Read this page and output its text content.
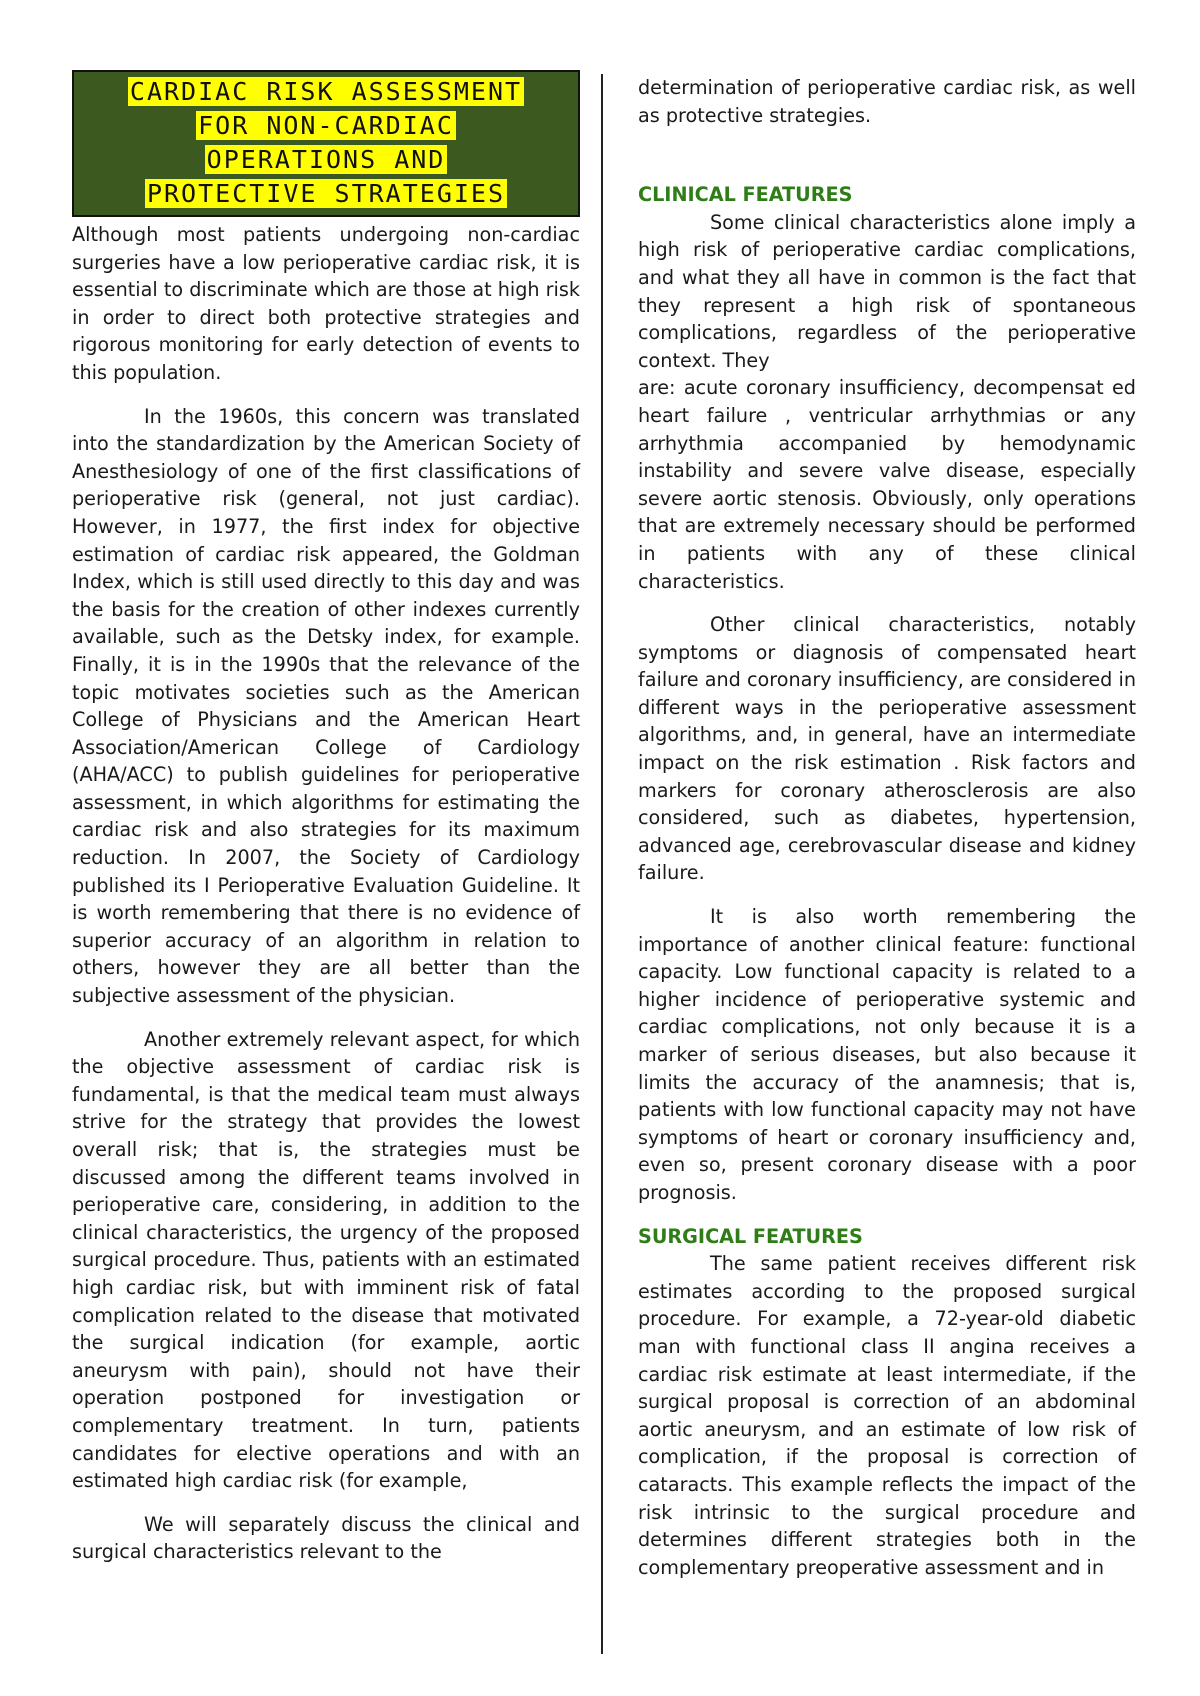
CARDIAC RISK ASSESSMENT
FOR NON-CARDIAC
OPERATIONS AND
PROTECTIVE STRATEGIES

Although most patients undergoing non-cardiac surgeries have a low perioperative cardiac risk, it is essential to discriminate which are those at high risk in order to direct both protective strategies and rigorous monitoring for early detection of events to this population.

In the 1960s, this concern was translated into the standardization by the American Society of Anesthesiology of one of the first classifications of perioperative risk (general, not just cardiac). However, in 1977, the first index for objective estimation of cardiac risk appeared, the Goldman Index, which is still used directly to this day and was the basis for the creation of other indexes currently available, such as the Detsky index, for example. Finally, it is in the 1990s that the relevance of the topic motivates societies such as the American College of Physicians and the American Heart Association/American College of Cardiology (AHA/ACC) to publish guidelines for perioperative assessment, in which algorithms for estimating the cardiac risk and also strategies for its maximum reduction. In 2007, the Society of Cardiology published its I Perioperative Evaluation Guideline. It is worth remembering that there is no evidence of superior accuracy of an algorithm in relation to others, however they are all better than the subjective assessment of the physician.

Another extremely relevant aspect, for which the objective assessment of cardiac risk is fundamental, is that the medical team must always strive for the strategy that provides the lowest overall risk; that is, the strategies must be discussed among the different teams involved in perioperative care, considering, in addition to the clinical characteristics, the urgency of the proposed surgical procedure. Thus, patients with an estimated high cardiac risk, but with imminent risk of fatal complication related to the disease that motivated the surgical indication (for example, aortic aneurysm with pain), should not have their operation postponed for investigation or complementary treatment. In turn, patients candidates for elective operations and with an estimated high cardiac risk (for example,

We will separately discuss the clinical and surgical characteristics relevant to the

determination of perioperative cardiac risk, as well as protective strategies.

CLINICAL FEATURES

Some clinical characteristics alone imply a high risk of perioperative cardiac complications, and what they all have in common is the fact that they represent a high risk of spontaneous complications, regardless of the perioperative context. They

are: acute coronary insufficiency, decompensat ed heart failure , ventricular arrhythmias or any arrhythmia accompanied by hemodynamic instability and severe valve disease, especially severe aortic stenosis. Obviously, only operations that are extremely necessary should be performed in patients with any of these clinical characteristics.

Other clinical characteristics, notably symptoms or diagnosis of compensated heart failure and coronary insufficiency, are considered in different ways in the perioperative assessment algorithms, and, in general, have an intermediate impact on the risk estimation . Risk factors and markers for coronary atherosclerosis are also considered, such as diabetes, hypertension, advanced age, cerebrovascular disease and kidney failure.

It is also worth remembering the importance of another clinical feature: functional capacity. Low functional capacity is related to a higher incidence of perioperative systemic and cardiac complications, not only because it is a marker of serious diseases, but also because it limits the accuracy of the anamnesis; that is, patients with low functional capacity may not have symptoms of heart or coronary insufficiency and, even so, present coronary disease with a poor prognosis.

SURGICAL FEATURES

The same patient receives different risk estimates according to the proposed surgical procedure. For example, a 72-year-old diabetic man with functional class II angina receives a cardiac risk estimate at least intermediate, if the surgical proposal is correction of an abdominal aortic aneurysm, and an estimate of low risk of complication, if the proposal is correction of cataracts. This example reflects the impact of the risk intrinsic to the surgical procedure and determines different strategies both in the complementary preoperative assessment and in
